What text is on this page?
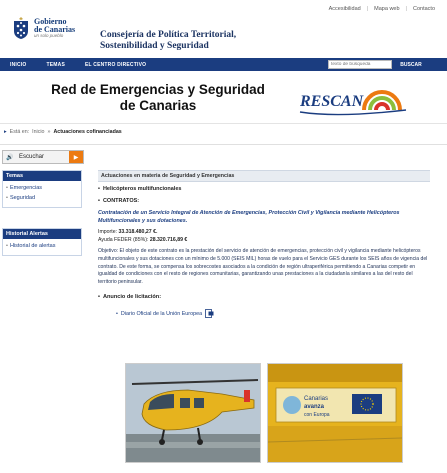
Accesibilidad | Mapa web | Contacto
Gobierno
de Canarias
un solo pueblo	Consejería de Política Territorial,
Sostenibilidad y Seguridad
INICIO	TEMAS	EL CENTRO DIRECTIVO
texto de búsqueda	BUSCAR
Red de Emergencias y Seguridad
de Canarias	RESCAN
▸ Está en: Inicio » Actuaciones cofinanciadas
🔊 Escuchar	▶
Temas
• Emergencias
• Seguridad
Historial Alertas
• Historial de alertas
Actuaciones en materia de Seguridad y Emergencias
• Helicópteros multifuncionales
• CONTRATOS:
Contratación de un Servicio Integral de Atención de Emergencias, Protección Civil y Vigilancia mediante Helicópteros Multifuncionales y sus dotaciones.
Importe: 33.318.480,27 €.
Ayuda FEDER (85%): 28.320.716,89 €
Objetivo: El objeto de este contrato es la prestación del servicio de atención de emergencias, protección civil y vigilancia mediante helicópteros multifuncionales y sus dotaciones con un mínimo de 5.000 (SEIS MIL) horas de vuelo para el Servicio GES durante los SEIS años de vigencia del contrato. De este forma, se compensa los sobrecostes asociados a la condición de región ultraperiférica permitiendo a Canarias competir en igualdad de condiciones con el resto de regiones comunitarias, garantizando unas prestaciones a la ciudadanía similares a las del resto del territorio peninsular.
• Anuncio de licitación:
• Diario Oficial de la Unión Europea
Canarias
avanza
con Europa
